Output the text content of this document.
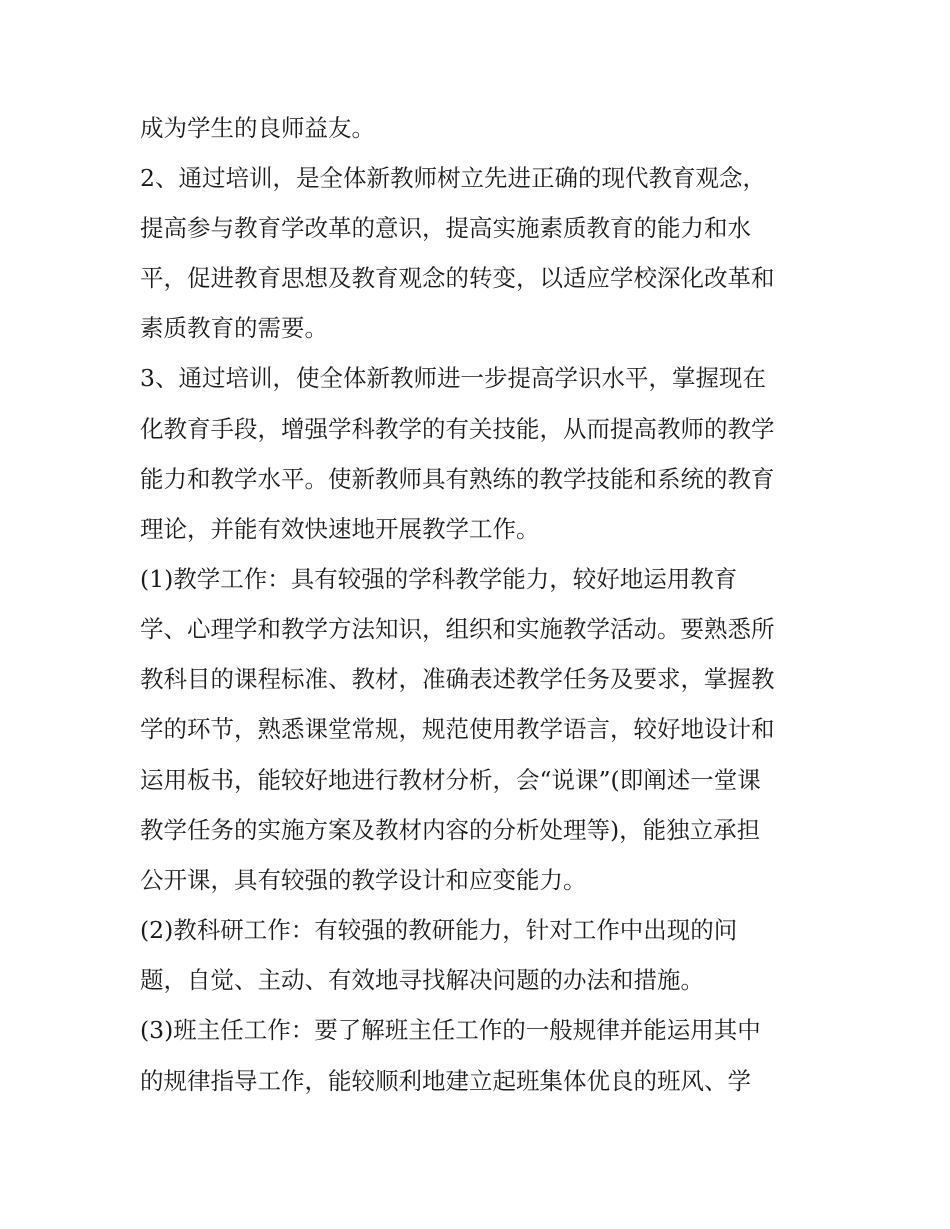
成为学生的良师益友。
2、通过培训，是全体新教师树立先进正确的现代教育观念，
提高参与教育学改革的意识，提高实施素质教育的能力和水
平，促进教育思想及教育观念的转变，以适应学校深化改革和
素质教育的需要。
3、通过培训，使全体新教师进一步提高学识水平，掌握现在
化教育手段，增强学科教学的有关技能，从而提高教师的教学
能力和教学水平。使新教师具有熟练的教学技能和系统的教育
理论，并能有效快速地开展教学工作。
(1)教学工作：具有较强的学科教学能力，较好地运用教育
学、心理学和教学方法知识，组织和实施教学活动。要熟悉所
教科目的课程标准、教材，准确表述教学任务及要求，掌握教
学的环节，熟悉课堂常规，规范使用教学语言，较好地设计和
运用板书，能较好地进行教材分析，会“说课”(即阐述一堂课
教学任务的实施方案及教材内容的分析处理等)，能独立承担
公开课，具有较强的教学设计和应变能力。
(2)教科研工作：有较强的教研能力，针对工作中出现的问
题，自觉、主动、有效地寻找解决问题的办法和措施。
(3)班主任工作：要了解班主任工作的一般规律并能运用其中
的规律指导工作，能较顺利地建立起班集体优良的班风、学
